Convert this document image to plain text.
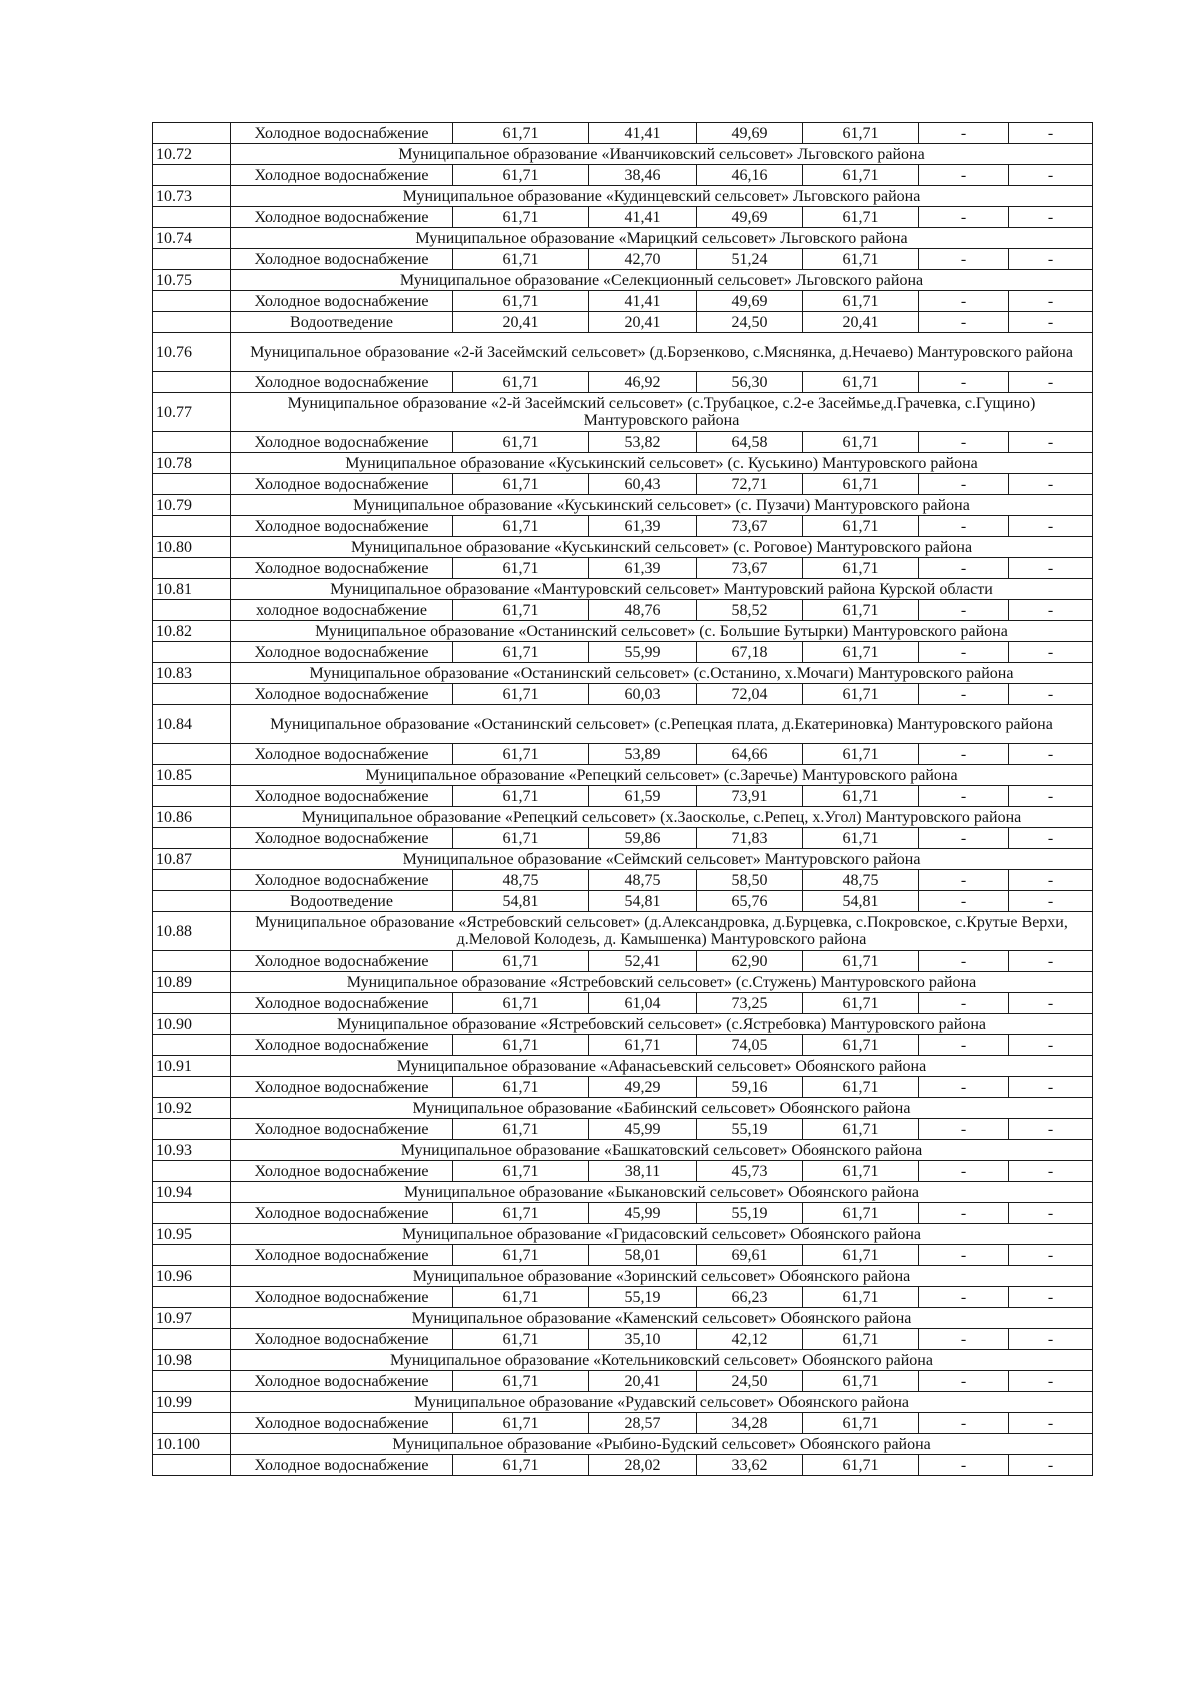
	Холодное водоснабжение	61,71	41,41	49,69	61,71	-	-
10.72	Муниципальное образование «Иванчиковский сельсовет» Льговского района						
	Холодное водоснабжение	61,71	38,46	46,16	61,71	-	-
10.73	Муниципальное образование «Кудинцевский сельсовет» Льговского района						
	Холодное водоснабжение	61,71	41,41	49,69	61,71	-	-
10.74	Муниципальное образование «Марицкий сельсовет» Льговского района						
	Холодное водоснабжение	61,71	42,70	51,24	61,71	-	-
10.75	Муниципальное образование «Селекционный сельсовет» Льговского района						
	Холодное водоснабжение	61,71	41,41	49,69	61,71	-	-
	Водоотведение	20,41	20,41	24,50	20,41	-	-
10.76	Муниципальное образование «2-й Засеймский сельсовет» (д.Борзенково, с.Мяснянка, д.Нечаево) Мантуровского района						
	Холодное водоснабжение	61,71	46,92	56,30	61,71	-	-
10.77	Муниципальное образование «2-й Засеймский сельсовет» (с.Трубацкое, с.2-е Засеймье,д.Грачевка, с.Гущино) Мантуровского района						
	Холодное водоснабжение	61,71	53,82	64,58	61,71	-	-
10.78	Муниципальное образование «Куськинский сельсовет» (с. Куськино) Мантуровского района						
	Холодное водоснабжение	61,71	60,43	72,71	61,71	-	-
10.79	Муниципальное образование «Куськинский сельсовет» (с. Пузачи) Мантуровского района						
	Холодное водоснабжение	61,71	61,39	73,67	61,71	-	-
10.80	Муниципальное образование «Куськинский сельсовет» (с. Роговое) Мантуровского района						
	Холодное водоснабжение	61,71	61,39	73,67	61,71	-	-
10.81	Муниципальное образование «Мантуровский сельсовет» Мантуровский района Курской области						
	холодное водоснабжение	61,71	48,76	58,52	61,71	-	-
10.82	Муниципальное образование «Останинский сельсовет» (с. Большие Бутырки) Мантуровского района						
	Холодное водоснабжение	61,71	55,99	67,18	61,71	-	-
10.83	Муниципальное образование «Останинский сельсовет» (с.Останино, х.Мочаги) Мантуровского района						
	Холодное водоснабжение	61,71	60,03	72,04	61,71	-	-
10.84	Муниципальное образование «Останинский сельсовет» (с.Репецкая плата, д.Екатериновка) Мантуровского района						
	Холодное водоснабжение	61,71	53,89	64,66	61,71	-	-
10.85	Муниципальное образование «Репецкий сельсовет» (с.Заречье) Мантуровского района						
	Холодное водоснабжение	61,71	61,59	73,91	61,71	-	-
10.86	Муниципальное образование «Репецкий сельсовет» (х.Заосколье, с.Репец, х.Угол) Мантуровского района						
	Холодное водоснабжение	61,71	59,86	71,83	61,71	-	-
10.87	Муниципальное образование «Сеймский сельсовет» Мантуровского района						
	Холодное водоснабжение	48,75	48,75	58,50	48,75	-	-
	Водоотведение	54,81	54,81	65,76	54,81	-	-
10.88	Муниципальное образование «Ястребовский сельсовет» (д.Александровка, д.Бурцевка, с.Покровское, с.Крутые Верхи, д.Меловой Колодезь, д. Камышенка) Мантуровского района						
	Холодное водоснабжение	61,71	52,41	62,90	61,71	-	-
10.89	Муниципальное образование «Ястребовский сельсовет» (с.Стужень) Мантуровского района						
	Холодное водоснабжение	61,71	61,04	73,25	61,71	-	-
10.90	Муниципальное образование «Ястребовский сельсовет» (с.Ястребовка) Мантуровского района						
	Холодное водоснабжение	61,71	61,71	74,05	61,71	-	-
10.91	Муниципальное образование «Афанасьевский сельсовет» Обоянского района						
	Холодное водоснабжение	61,71	49,29	59,16	61,71	-	-
10.92	Муниципальное образование «Бабинский сельсовет» Обоянского района						
	Холодное водоснабжение	61,71	45,99	55,19	61,71	-	-
10.93	Муниципальное образование «Башкатовский сельсовет» Обоянского района						
	Холодное водоснабжение	61,71	38,11	45,73	61,71	-	-
10.94	Муниципальное образование «Быкановский сельсовет» Обоянского района						
	Холодное водоснабжение	61,71	45,99	55,19	61,71	-	-
10.95	Муниципальное образование «Гридасовский сельсовет» Обоянского района						
	Холодное водоснабжение	61,71	58,01	69,61	61,71	-	-
10.96	Муниципальное образование «Зоринский сельсовет» Обоянского района						
	Холодное водоснабжение	61,71	55,19	66,23	61,71	-	-
10.97	Муниципальное образование «Каменский сельсовет» Обоянского района						
	Холодное водоснабжение	61,71	35,10	42,12	61,71	-	-
10.98	Муниципальное образование «Котельниковский сельсовет» Обоянского района						
	Холодное водоснабжение	61,71	20,41	24,50	61,71	-	-
10.99	Муниципальное образование «Рудавский сельсовет» Обоянского района						
	Холодное водоснабжение	61,71	28,57	34,28	61,71	-	-
10.100	Муниципальное образование «Рыбино-Будский сельсовет» Обоянского района						
	Холодное водоснабжение	61,71	28,02	33,62	61,71	-	-
